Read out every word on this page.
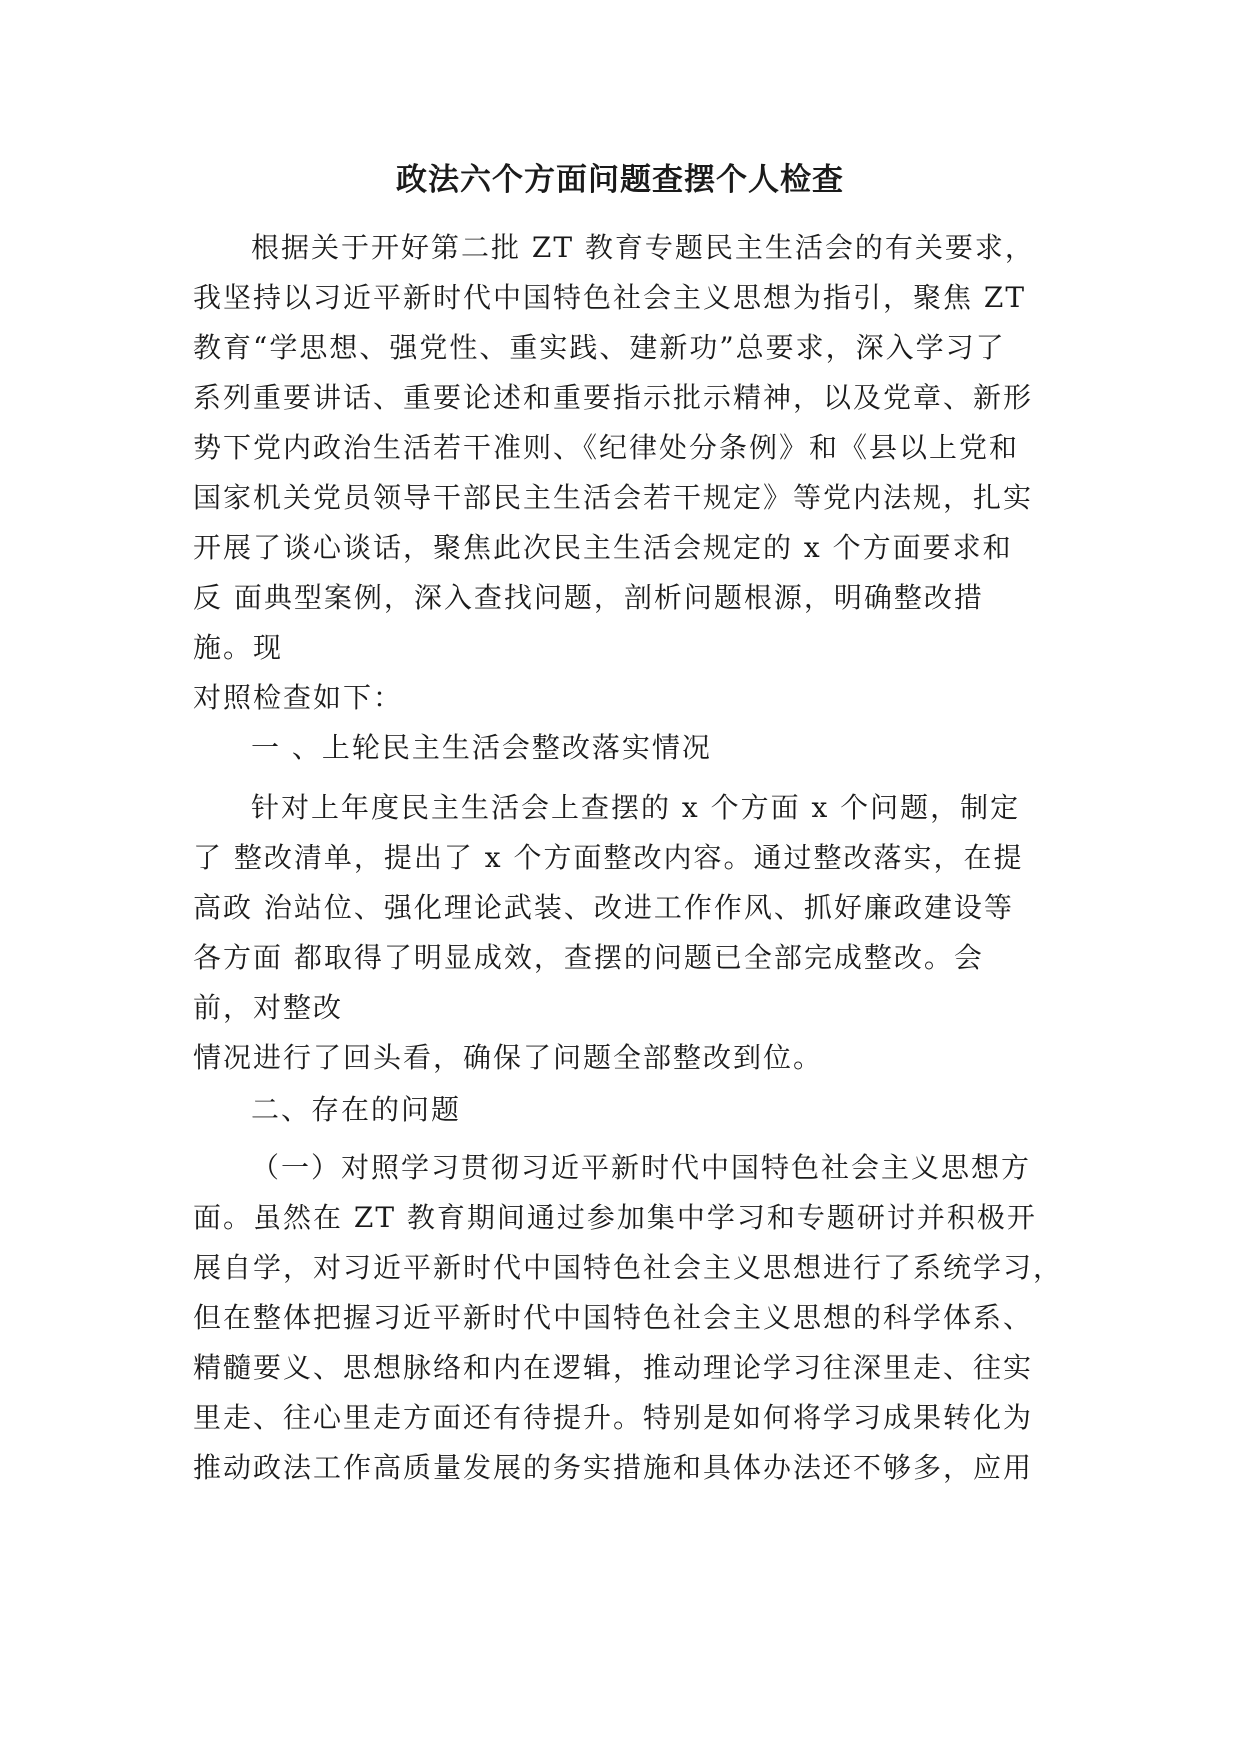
政法六个方面问题查摆个人检查
根据关于开好第二批 ZT 教育专题民主生活会的有关要求，
我坚持以习近平新时代中国特色社会主义思想为指引，聚焦 ZT
教育“学思想、强党性、重实践、建新功”总要求，深入学习了
系列重要讲话、重要论述和重要指示批示精神，以及党章、新形
势下党内政治生活若干准则、《纪律处分条例》和《县以上党和
国家机关党员领导干部民主生活会若干规定》等党内法规，扎实
开展了谈心谈话，聚焦此次民主生活会规定的 x 个方面要求和
反 面典型案例，深入查找问题，剖析问题根源，明确整改措
施。现
对照检查如下：
一 、上轮民主生活会整改落实情况
针对上年度民主生活会上查摆的 x 个方面 x 个问题，制定
了 整改清单，提出了 x 个方面整改内容。通过整改落实，在提
高政 治站位、强化理论武装、改进工作作风、抓好廉政建设等
各方面 都取得了明显成效，查摆的问题已全部完成整改。会
前，对整改
情况进行了回头看，确保了问题全部整改到位。
二、存在的问题
（一）对照学习贯彻习近平新时代中国特色社会主义思想方
面。虽然在 ZT 教育期间通过参加集中学习和专题研讨并积极开
展自学，对习近平新时代中国特色社会主义思想进行了系统学习，
但在整体把握习近平新时代中国特色社会主义思想的科学体系、
精髓要义、思想脉络和内在逻辑，推动理论学习往深里走、往实
里走、往心里走方面还有待提升。特别是如何将学习成果转化为
推动政法工作高质量发展的务实措施和具体办法还不够多，应用
